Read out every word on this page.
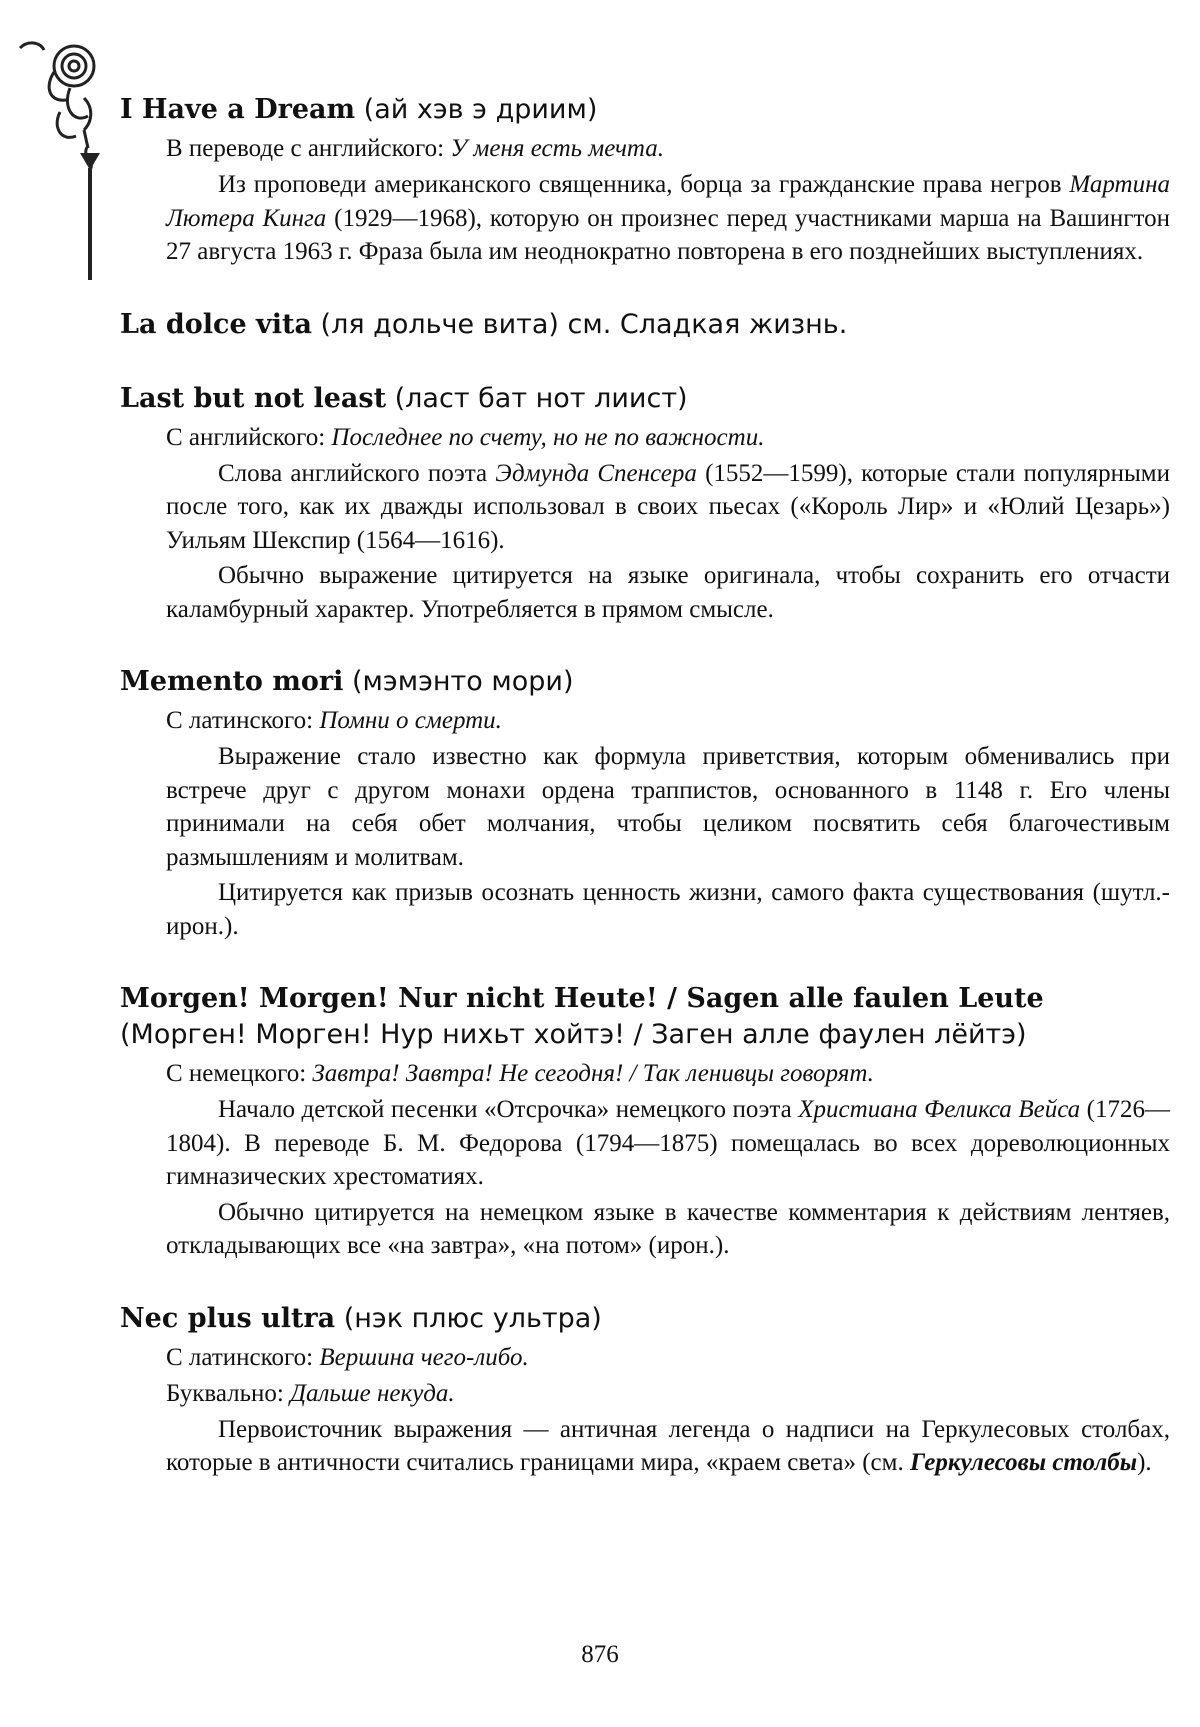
I Have a Dream (ай хэв э дриим)
В переводе с английского: У меня есть мечта.

Из проповеди американского священника, борца за гражданские права негров Мартина Лютера Кинга (1929—1968), которую он произнес перед участниками марша на Вашингтон 27 августа 1963 г. Фраза была им неоднократно повторена в его позднейших выступлениях.

La dolce vita (ля дольче вита) см. Сладкая жизнь.
Last but not least (ласт бат нот лиист)
С английского: Последнее по счету, но не по важности.

Слова английского поэта Эдмунда Спенсера (1552—1599), которые стали популярными после того, как их дважды использовал в своих пьесах («Король Лир» и «Юлий Цезарь») Уильям Шекспир (1564—1616).

Обычно выражение цитируется на языке оригинала, чтобы сохранить его отчасти каламбурный характер. Употребляется в прямом смысле.

Memento mori (мэмэнто мори)
С латинского: Помни о смерти.

Выражение стало известно как формула приветствия, которым обменивались при встрече друг с другом монахи ордена траппистов, основанного в 1148 г. Его члены принимали на себя обет молчания, чтобы целиком посвятить себя благочестивым размышлениям и молитвам.

Цитируется как призыв осознать ценность жизни, самого факта существования (шутл.-ирон.).

Morgen! Morgen! Nur nicht Heute! / Sagen alle faulen Leute
(Морген! Морген! Нур нихьт хойтэ! / Заген алле фаулен лёйтэ)
С немецкого: Завтра! Завтра! Не сегодня! / Так ленивцы говорят.

Начало детской песенки «Отсрочка» немецкого поэта Христиана Феликса Вейса (1726—1804). В переводе Б. М. Федорова (1794—1875) помещалась во всех дореволюционных гимназических хрестоматиях.

Обычно цитируется на немецком языке в качестве комментария к действиям лентяев, откладывающих все «на завтра», «на потом» (ирон.).

Nec plus ultra (нэк плюс ультра)
С латинского: Вершина чего-либо.
Буквально: Дальше некуда.

Первоисточник выражения — античная легенда о надписи на Геркулесовых столбах, которые в античности считались границами мира, «краем света» (см. Геркулесовы столбы).

876
